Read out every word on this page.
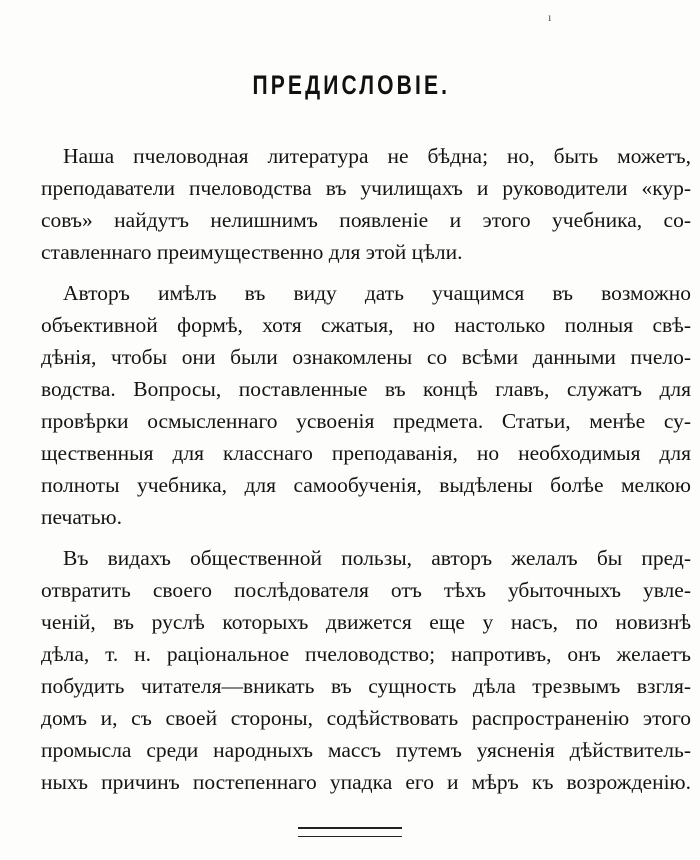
ı
ПРЕДИСЛОВІЕ.
Наша пчеловодная литература не бѣдна; но, быть можетъ,
преподаватели пчеловодства въ училищахъ и руководители «кур-
совъ» найдутъ нелишнимъ появленіе и этого учебника, со-
ставленнаго преимущественно для этой цѣли.
Авторъ имѣлъ въ виду дать учащимся въ возможно
объективной формѣ, хотя сжатыя, но настолько полныя свѣ-
дѣнія, чтобы они были ознакомлены со всѣми данными пчело-
водства. Вопросы, поставленные въ концѣ главъ, служатъ для
провѣрки осмысленнаго усвоенія предмета. Статьи, менѣе су-
щественныя для класснаго преподаванія, но необходимыя для
полноты учебника, для самообученія, выдѣлены болѣе мелкою
печатью.
Въ видахъ общественной пользы, авторъ желалъ бы пред-
отвратить своего послѣдователя отъ тѣхъ убыточныхъ увле-
ченій, въ руслѣ которыхъ движется еще у насъ, по новизнѣ
дѣла, т. н. раціональное пчеловодство; напротивъ, онъ желаетъ
побудить читателя—вникать въ сущность дѣла трезвымъ взгля-
домъ и, съ своей стороны, содѣйствовать распространенію этого
промысла среди народныхъ массъ путемъ уясненія дѣйствитель-
ныхъ причинъ постепеннаго упадка его и мѣръ къ возрожденію.
